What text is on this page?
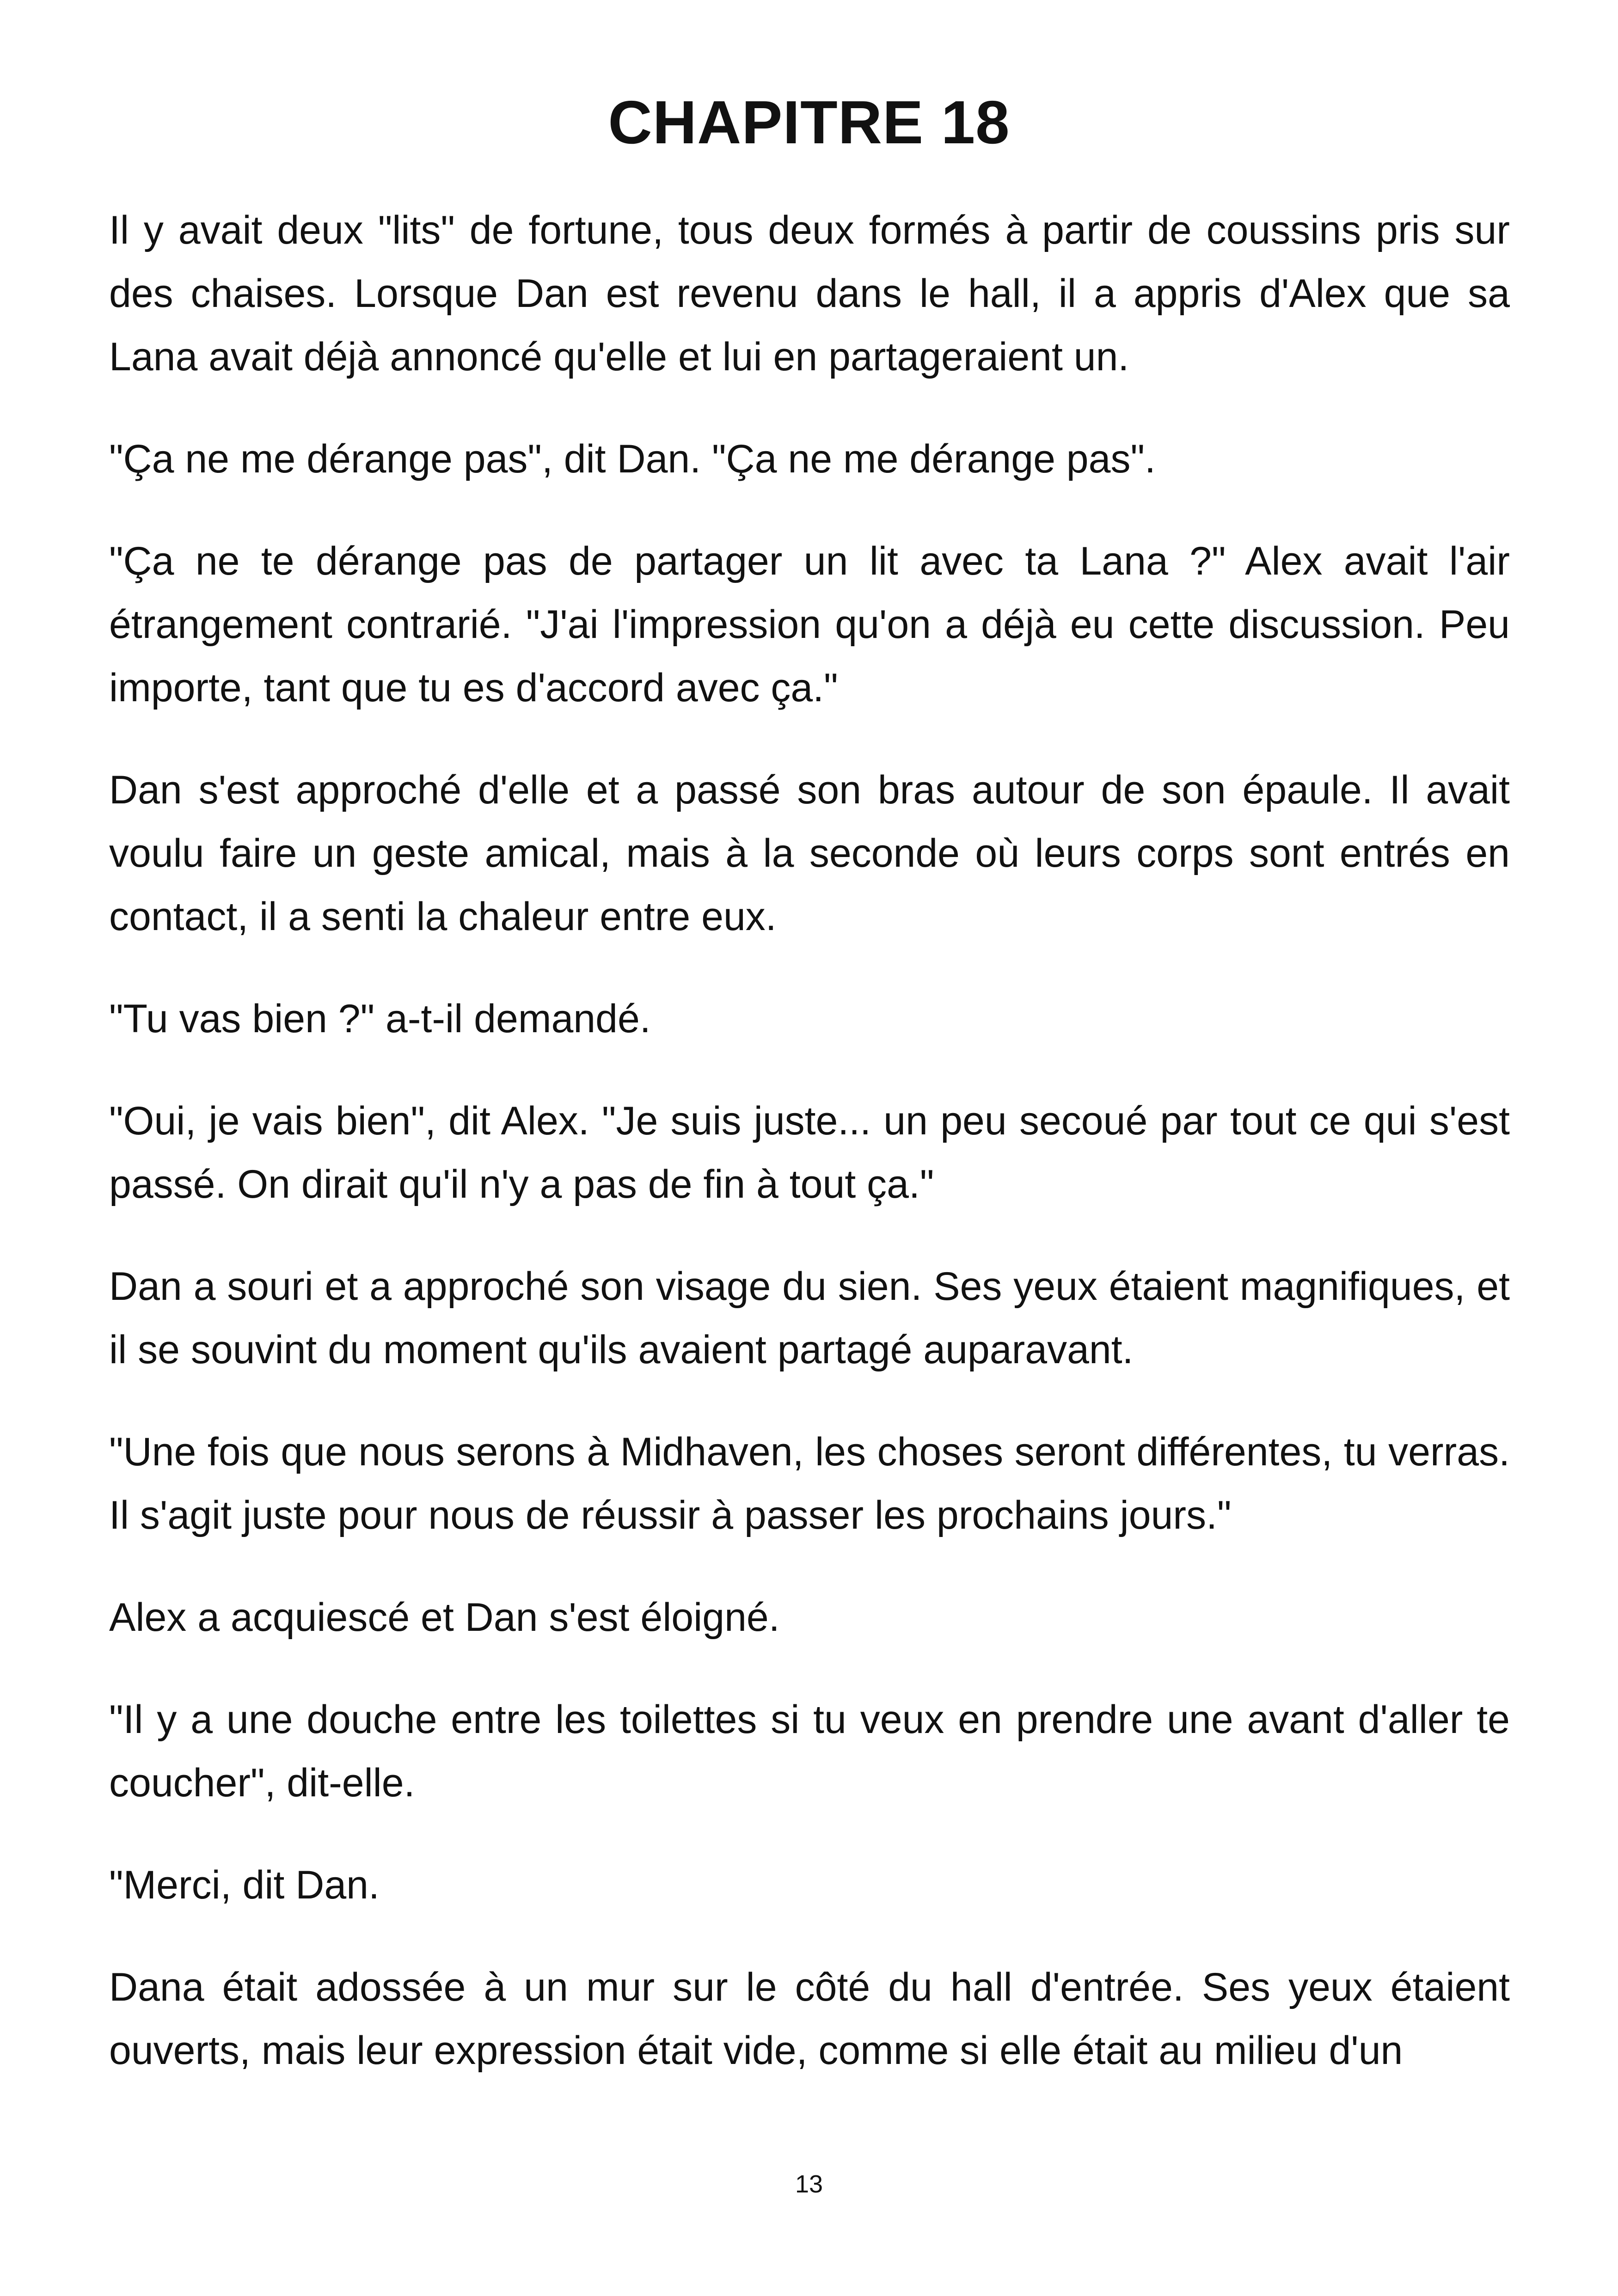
CHAPITRE 18

Il y avait deux "lits" de fortune, tous deux formés à partir de coussins pris sur des chaises. Lorsque Dan est revenu dans le hall, il a appris d'Alex que sa Lana avait déjà annoncé qu'elle et lui en partageraient un.

"Ça ne me dérange pas", dit Dan. "Ça ne me dérange pas".

"Ça ne te dérange pas de partager un lit avec ta Lana ?" Alex avait l'air étrangement contrarié. "J'ai l'impression qu'on a déjà eu cette discussion. Peu importe, tant que tu es d'accord avec ça."

Dan s'est approché d'elle et a passé son bras autour de son épaule. Il avait voulu faire un geste amical, mais à la seconde où leurs corps sont entrés en contact, il a senti la chaleur entre eux.

"Tu vas bien ?" a-t-il demandé.

"Oui, je vais bien", dit Alex. "Je suis juste... un peu secoué par tout ce qui s'est passé. On dirait qu'il n'y a pas de fin à tout ça."

Dan a souri et a approché son visage du sien. Ses yeux étaient magnifiques, et il se souvint du moment qu'ils avaient partagé auparavant.

"Une fois que nous serons à Midhaven, les choses seront différentes, tu verras. Il s'agit juste pour nous de réussir à passer les prochains jours."

Alex a acquiescé et Dan s'est éloigné.

"Il y a une douche entre les toilettes si tu veux en prendre une avant d'aller te coucher", dit-elle.

"Merci, dit Dan.

Dana était adossée à un mur sur le côté du hall d'entrée. Ses yeux étaient ouverts, mais leur expression était vide, comme si elle était au milieu d'un

13
